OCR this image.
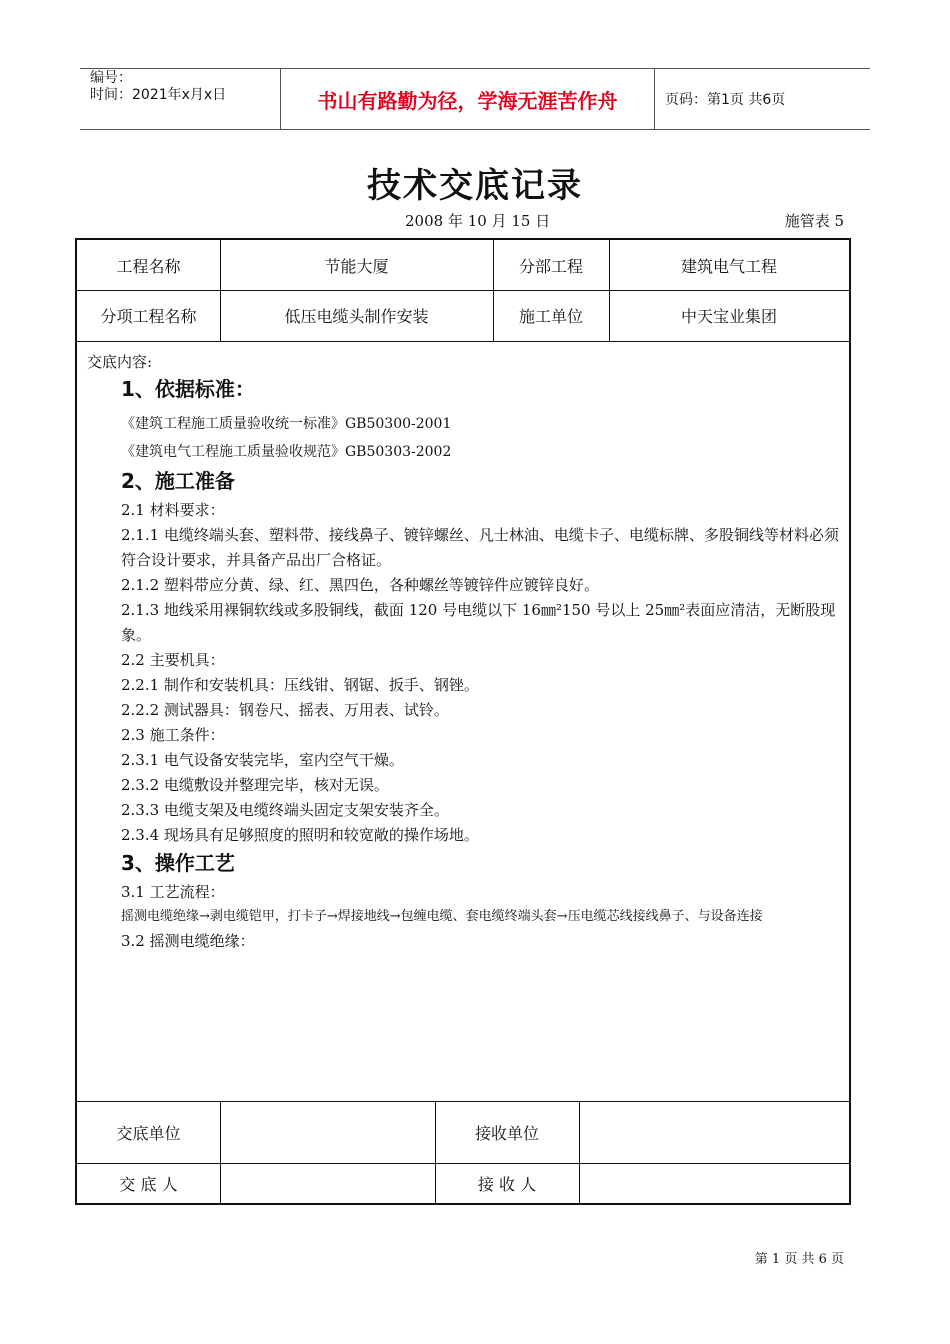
编号：
时间：2021年x月x日	书山有路勤为径，学海无涯苦作舟	页码：第1页 共6页
技术交底记录
2008 年 10 月 15 日	施管表 5
工程名称	节能大厦	分部工程	建筑电气工程
分项工程名称	低压电缆头制作安装	施工单位	中天宝业集团
交底内容:
1、依据标准：
《建筑工程施工质量验收统一标准》GB50300-2001
《建筑电气工程施工质量验收规范》GB50303-2002
2、施工准备
2.1 材料要求：
2.1.1 电缆终端头套、塑料带、接线鼻子、镀锌螺丝、凡士林油、电缆卡子、电缆标牌、多股铜线等材料必须符合设计要求，并具备产品出厂合格证。
2.1.2 塑料带应分黄、绿、红、黑四色，各种螺丝等镀锌件应镀锌良好。
2.1.3 地线采用裸铜软线或多股铜线，截面 120 号电缆以下 16㎜²150 号以上 25㎜²表面应清洁，无断股现象。
2.2 主要机具：
2.2.1 制作和安装机具：压线钳、钢锯、扳手、钢锉。
2.2.2 测试器具：钢卷尺、摇表、万用表、试铃。
2.3 施工条件：
2.3.1 电气设备安装完毕，室内空气干燥。
2.3.2 电缆敷设并整理完毕，核对无误。
2.3.3 电缆支架及电缆终端头固定支架安装齐全。
2.3.4 现场具有足够照度的照明和较宽敞的操作场地。
3、操作工艺
3.1 工艺流程：
摇测电缆绝缘→剥电缆铠甲，打卡子→焊接地线→包缠电缆、套电缆终端头套→压电缆芯线接线鼻子、与设备连接
3.2 摇测电缆绝缘：
交底单位	接收单位
交 底 人	接 收 人
第 1 页 共 6 页
